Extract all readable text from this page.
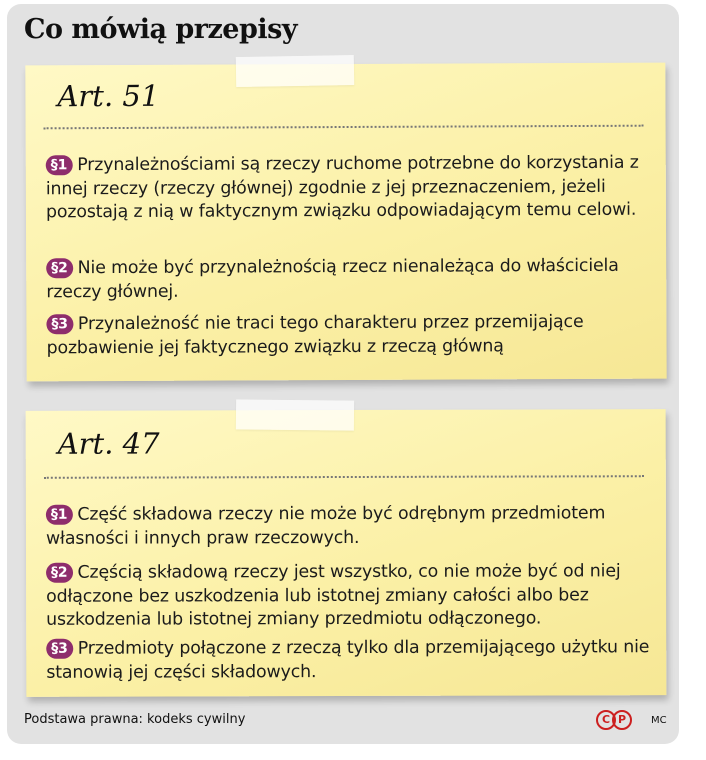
Co mówią przepisy
Art. 51
§1 Przynależnościami są rzeczy ruchome potrzebne do korzystania z innej rzeczy (rzeczy głównej) zgodnie z jej przeznaczeniem, jeżeli pozostają z nią w faktycznym związku odpowiadającym temu celowi.
§2 Nie może być przynależnością rzecz nienależąca do właściciela rzeczy głównej.
§3 Przynależność nie traci tego charakteru przez przemijające pozbawienie jej faktycznego związku z rzeczą główną
Art. 47
§1 Część składowa rzeczy nie może być odrębnym przedmiotem własności i innych praw rzeczowych.
§2 Częścią składową rzeczy jest wszystko, co nie może być od niej odłączone bez uszkodzenia lub istotnej zmiany całości albo bez uszkodzenia lub istotnej zmiany przedmiotu odłączonego.
§3 Przedmioty połączone z rzeczą tylko dla przemijającego użytku nie stanowią jej części składowych.
Podstawa prawna: kodeks cywilny	C P	MC
